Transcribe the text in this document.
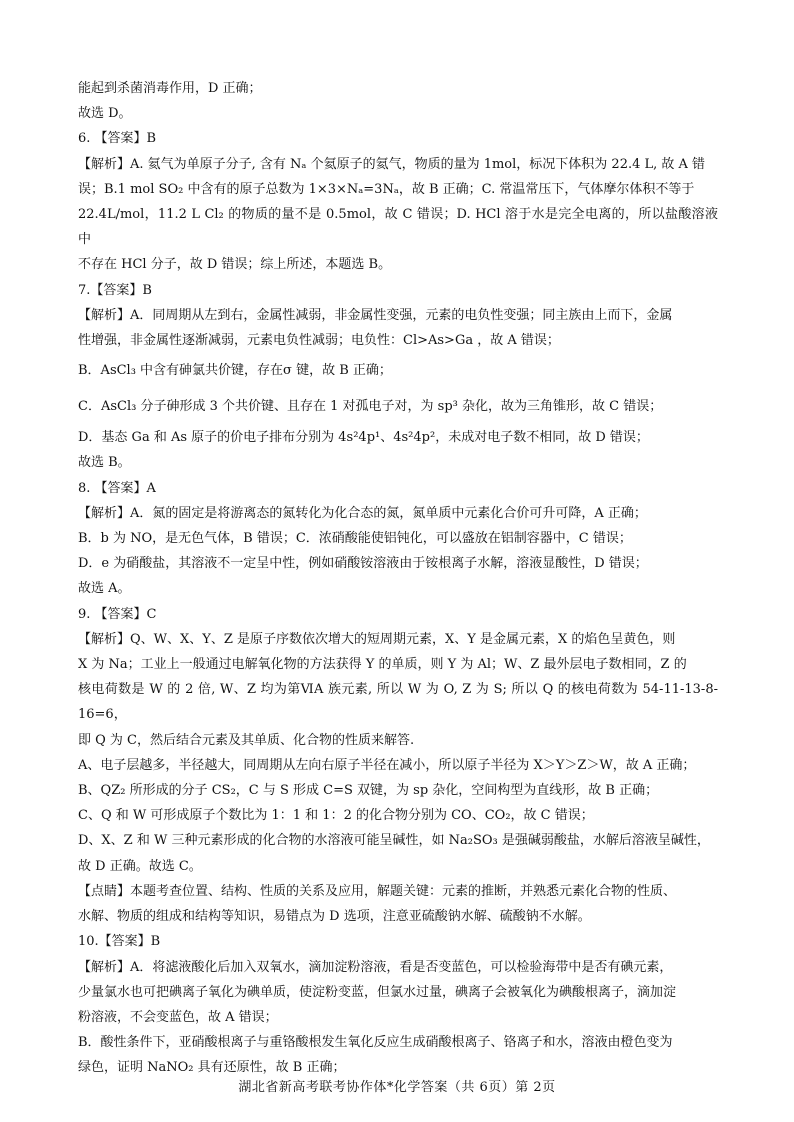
能起到杀菌消毒作用，D 正确；

故选 D。

6. 【答案】B

【解析】A. 氦气为单原子分子, 含有 Nₐ 个氦原子的氦气，物质的量为 1mol，标况下体积为 22.4 L, 故 A 错

误；B.1 mol SO₂ 中含有的原子总数为 1×3×Nₐ=3Nₐ，故 B 正确；C. 常温常压下，气体摩尔体积不等于

22.4L/mol，11.2 L Cl₂ 的物质的量不是 0.5mol，故 C 错误；D. HCl 溶于水是完全电离的，所以盐酸溶液中

不存在 HCl 分子，故 D 错误；综上所述，本题选 B。

7.【答案】B

【解析】A．同周期从左到右，金属性减弱，非金属性变强，元素的电负性变强；同主族由上而下，金属

性增强，非金属性逐渐减弱，元素电负性减弱；电负性：Cl>As>Ga ，故 A 错误；

B．AsCl₃ 中含有砷氯共价键，存在σ 键，故 B 正确；

C．AsCl₃ 分子砷形成 3 个共价键、且存在 1 对孤电子对，为 sp³ 杂化，故为三角锥形，故 C 错误；

D．基态 Ga 和 As 原子的价电子排布分别为 4s²4p¹、4s²4p²，未成对电子数不相同，故 D 错误；

故选 B。

8. 【答案】A

【解析】A．氮的固定是将游离态的氮转化为化合态的氮，氮单质中元素化合价可升可降，A 正确；

B．b 为 NO，是无色气体，B 错误；C．浓硝酸能使铝钝化，可以盛放在铝制容器中，C 错误；

D．e 为硝酸盐，其溶液不一定呈中性，例如硝酸铵溶液由于铵根离子水解，溶液显酸性，D 错误；

故选 A。

9. 【答案】C

【解析】Q、W、X、Y、Z 是原子序数依次增大的短周期元素，X、Y 是金属元素，X 的焰色呈黄色，则

X 为 Na；工业上一般通过电解氧化物的方法获得 Y 的单质，则 Y 为 Al；W、Z 最外层电子数相同，Z 的

核电荷数是 W 的 2 倍, W、Z 均为第ⅥA 族元素, 所以 W 为 O, Z 为 S; 所以 Q 的核电荷数为 54-11-13-8-16=6，

即 Q 为 C，然后结合元素及其单质、化合物的性质来解答.

A、电子层越多，半径越大，同周期从左向右原子半径在减小，所以原子半径为 X＞Y＞Z＞W，故 A 正确；

B、QZ₂ 所形成的分子 CS₂，C 与 S 形成 C=S 双键，为 sp 杂化，空间构型为直线形，故 B 正确；

C、Q 和 W 可形成原子个数比为 1：1 和 1：2 的化合物分别为 CO、CO₂，故 C 错误；

D、X、Z 和 W 三种元素形成的化合物的水溶液可能呈碱性，如 Na₂SO₃ 是强碱弱酸盐，水解后溶液呈碱性，

故 D 正确。故选 C。

【点睛】本题考查位置、结构、性质的关系及应用，解题关键：元素的推断，并熟悉元素化合物的性质、

水解、物质的组成和结构等知识，易错点为 D 选项，注意亚硫酸钠水解、硫酸钠不水解。

10.【答案】B

【解析】A．将滤液酸化后加入双氧水，滴加淀粉溶液，看是否变蓝色，可以检验海带中是否有碘元素，

少量氯水也可把碘离子氧化为碘单质，使淀粉变蓝，但氯水过量，碘离子会被氧化为碘酸根离子，滴加淀

粉溶液，不会变蓝色，故 A 错误；

B．酸性条件下，亚硝酸根离子与重铬酸根发生氧化反应生成硝酸根离子、铬离子和水，溶液由橙色变为

绿色，证明 NaNO₂ 具有还原性，故 B 正确；

湖北省新高考联考协作体*化学答案（共 6页）第 2页
